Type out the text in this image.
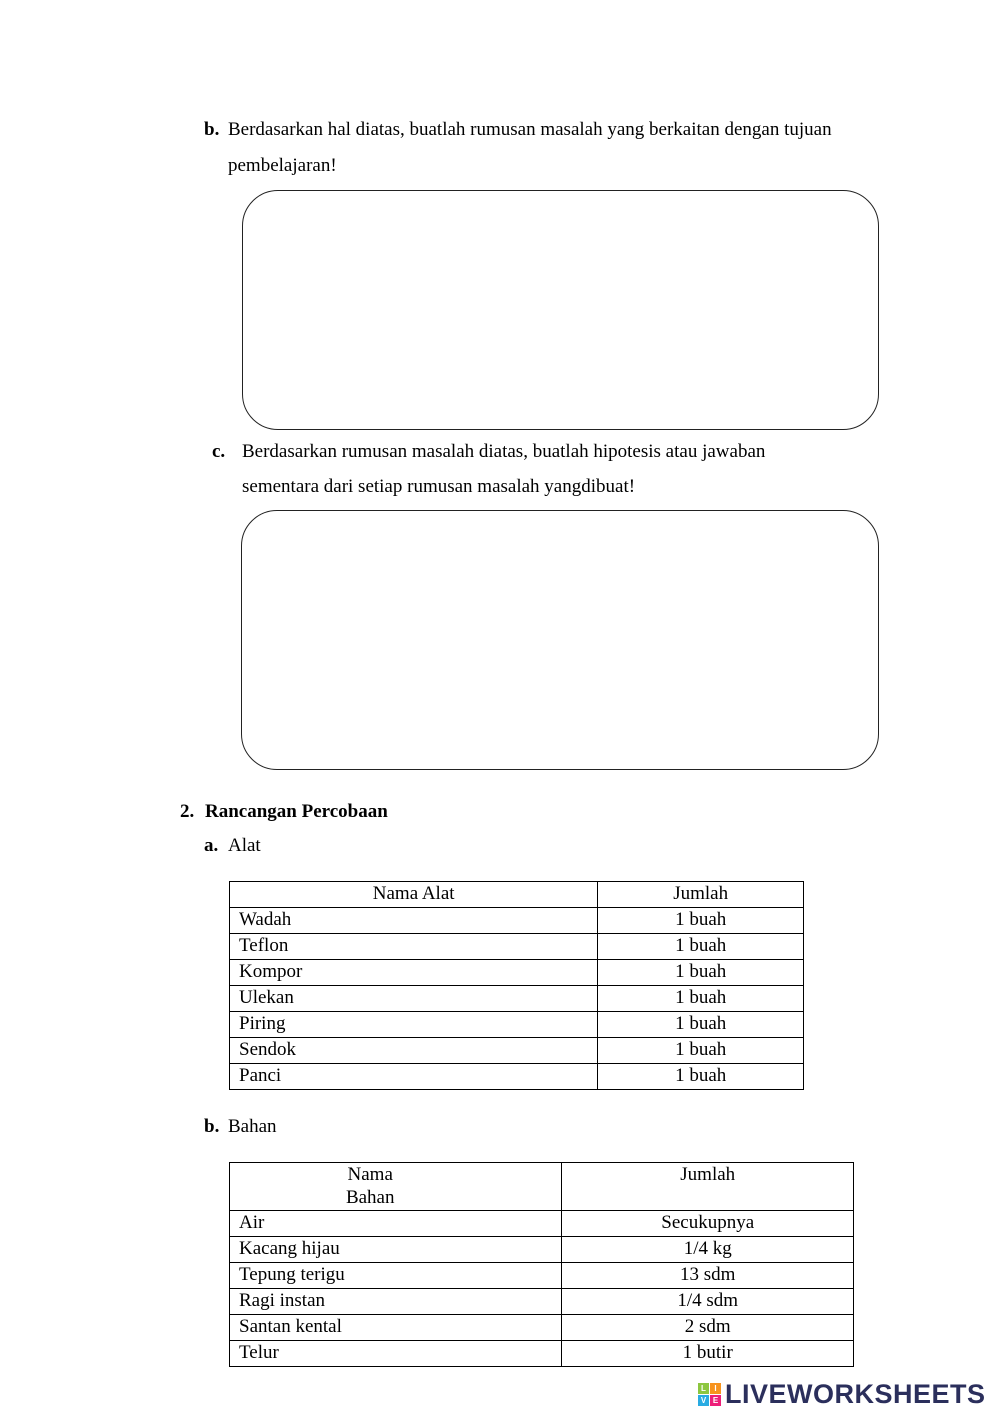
b. Berdasarkan hal diatas, buatlah rumusan masalah yang berkaitan dengan tujuan
pembelajaran!
c. Berdasarkan rumusan masalah diatas, buatlah hipotesis atau jawaban
sementara dari setiap rumusan masalah yangdibuat!
2. Rancangan Percobaan
a. Alat
Nama Alat	Jumlah
Wadah	1 buah
Teflon	1 buah
Kompor	1 buah
Ulekan	1 buah
Piring	1 buah
Sendok	1 buah
Panci	1 buah
b. Bahan
Nama
Bahan	Jumlah
Air	Secukupnya
Kacang hijau	1/4 kg
Tepung terigu	13 sdm
Ragi instan	1/4 sdm
Santan kental	2 sdm
Telur	1 butir
L	I
V E LIVEWORKSHEETS
